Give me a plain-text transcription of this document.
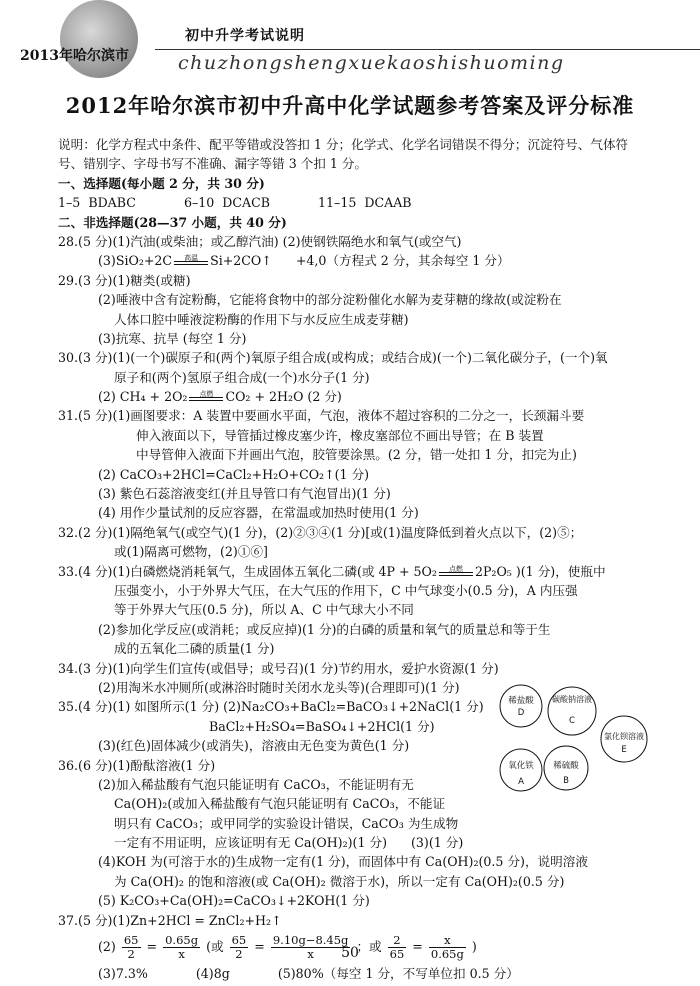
2013年哈尔滨市
初中升学考试说明
chuzhongshengxuekaoshishuoming
2012年哈尔滨市初中升高中化学试题参考答案及评分标准
说明：化学方程式中条件、配平等错或没答扣 1 分；化学式、化学名词错误不得分；沉淀符号、气体符
号、错别字、字母书写不准确、漏字等错 3 个扣 1 分。
一、选择题(每小题 2 分，共 30 分)
1–5  BDABC            6–10  DCACB            11–15  DCAAB
二、非选择题(28—37 小题，共 40 分)
28.(5 分)(1)汽油(或柴油；或乙醇汽油) (2)使钢铁隔绝水和氧气(或空气)
(3)SiO₂+2C	高温 Si+2CO↑      +4,0（方程式 2 分，其余每空 1 分）
29.(3 分)(1)糖类(或糖)
(2)唾液中含有淀粉酶，它能将食物中的部分淀粉催化水解为麦芽糖的缘故(或淀粉在
人体口腔中唾液淀粉酶的作用下与水反应生成麦芽糖)
(3)抗寒、抗旱 (每空 1 分)
30.(3 分)(1)(一个)碳原子和(两个)氧原子组合成(或构成；或结合成)(一个)二氧化碳分子，(一个)氧
原子和(两个)氢原子组合成(一个)水分子(1 分)
(2) CH₄ + 2O₂	点燃 CO₂ + 2H₂O (2 分)
31.(5 分)(1)画图要求：A 装置中要画水平面，气泡，液体不超过容积的二分之一，长颈漏斗要
伸入液面以下，导管插过橡皮塞少许，橡皮塞部位不画出导管；在 B 装置
中导管伸入液面下并画出气泡，胶管要涂黑。(2 分，错一处扣 1 分，扣完为止)
(2) CaCO₃+2HCl=CaCl₂+H₂O+CO₂↑(1 分)
(3) 紫色石蕊溶液变红(并且导管口有气泡冒出)(1 分)
(4) 用作少量试剂的反应容器，在常温或加热时使用(1 分)
32.(2 分)(1)隔绝氧气(或空气)(1 分)，(2)②③④(1 分)[或(1)温度降低到着火点以下，(2)⑤；
或(1)隔离可燃物，(2)①⑥]
33.(4 分)(1)白磷燃烧消耗氧气，生成固体五氧化二磷(或 4P + 5O₂	点燃 2P₂O₅ )(1 分)，使瓶中
压强变小，小于外界大气压，在大气压的作用下，C 中气球变小(0.5 分)，A 内压强
等于外界大气压(0.5 分)，所以 A、C 中气球大小不同
(2)参加化学反应(或消耗；或反应掉)(1 分)的白磷的质量和氧气的质量总和等于生
成的五氧化二磷的质量(1 分)
34.(3 分)(1)向学生们宣传(或倡导；或号召)(1 分)节约用水，爱护水资源(1 分)
(2)用淘米水冲厕所(或淋浴时随时关闭水龙头等)(合理即可)(1 分)
35.(4 分)(1) 如图所示(1 分) (2)Na₂CO₃+BaCl₂=BaCO₃↓+2NaCl(1 分)
BaCl₂+H₂SO₄=BaSO₄↓+2HCl(1 分)
(3)(红色)固体减少(或消失)，溶液由无色变为黄色(1 分)
36.(6 分)(1)酚酞溶液(1 分)
(2)加入稀盐酸有气泡只能证明有 CaCO₃，不能证明有无
Ca(OH)₂(或加入稀盐酸有气泡只能证明有 CaCO₃，不能证
明只有 CaCO₃；或甲同学的实验设计错误，CaCO₃ 为生成物
一定有不用证明，应该证明有无 Ca(OH)₂)(1 分) (3)(1 分)
(4)KOH 为(可溶于水的)生成物一定有(1 分)，而固体中有 Ca(OH)₂(0.5 分)，说明溶液
为 Ca(OH)₂ 的饱和溶液(或 Ca(OH)₂ 微溶于水)，所以一定有 Ca(OH)₂(0.5 分)
(5) K₂CO₃+Ca(OH)₂=CaCO₃↓+2KOH(1 分)
37.(5 分)(1)Zn+2HCl = ZnCl₂+H₂↑
$(2) \frac{65}{2} = \frac{0.65g}{x}$ (或 $\frac{65}{2} = \frac{9.10g-8.45g}{x}$ ；或 $\frac{2}{65} = \frac{x}{0.65g}$ )
(3)7.3%            (4)8g            (5)80%（每空 1 分，不写单位扣 0.5 分）
稀盐酸
D
碳酸钠溶液
C
氯化钡溶液
E
氧化铁
A
稀硫酸
B
50
